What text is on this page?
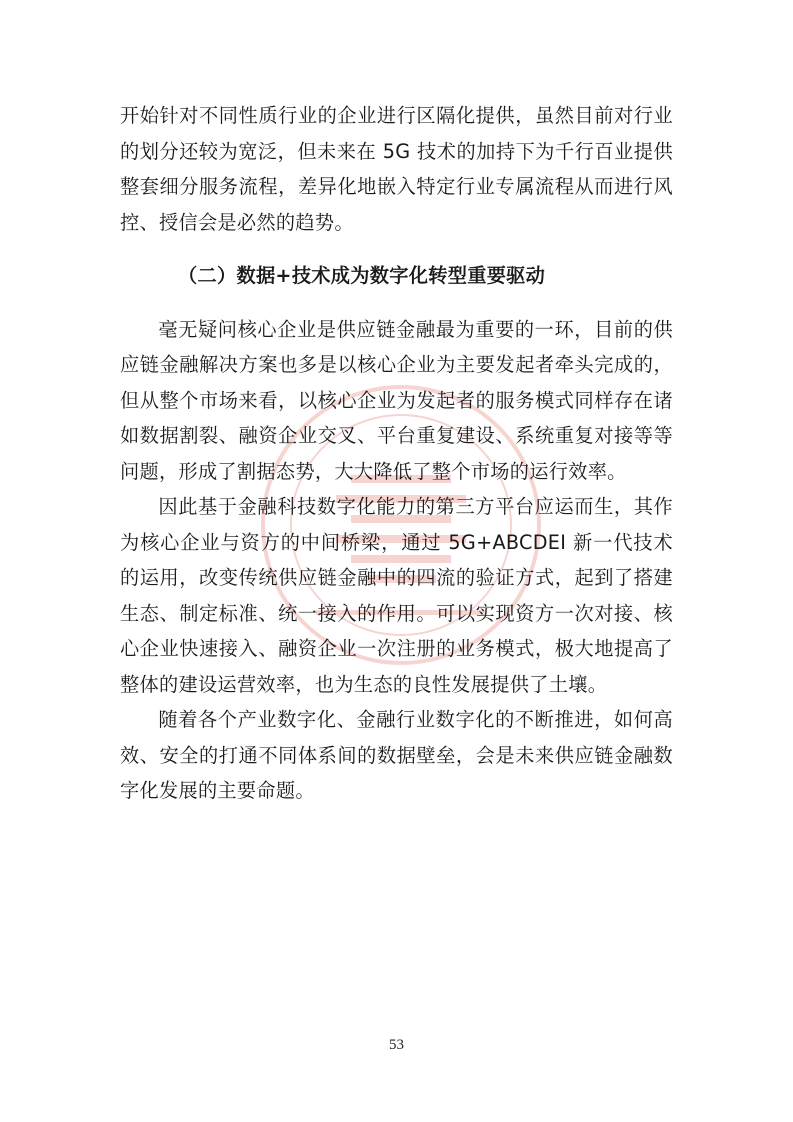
开始针对不同性质行业的企业进行区隔化提供，虽然目前对行业的划分还较为宽泛，但未来在 5G 技术的加持下为千行百业提供整套细分服务流程，差异化地嵌入特定行业专属流程从而进行风控、授信会是必然的趋势。

（二）数据+技术成为数字化转型重要驱动

毫无疑问核心企业是供应链金融最为重要的一环，目前的供应链金融解决方案也多是以核心企业为主要发起者牵头完成的，但从整个市场来看，以核心企业为发起者的服务模式同样存在诸如数据割裂、融资企业交叉、平台重复建设、系统重复对接等等问题，形成了割据态势，大大降低了整个市场的运行效率。

因此基于金融科技数字化能力的第三方平台应运而生，其作为核心企业与资方的中间桥梁，通过 5G+ABCDEI 新一代技术的运用，改变传统供应链金融中的四流的验证方式，起到了搭建生态、制定标准、统一接入的作用。可以实现资方一次对接、核心企业快速接入、融资企业一次注册的业务模式，极大地提高了整体的建设运营效率，也为生态的良性发展提供了土壤。

随着各个产业数字化、金融行业数字化的不断推进，如何高效、安全的打通不同体系间的数据壁垒，会是未来供应链金融数字化发展的主要命题。

53
